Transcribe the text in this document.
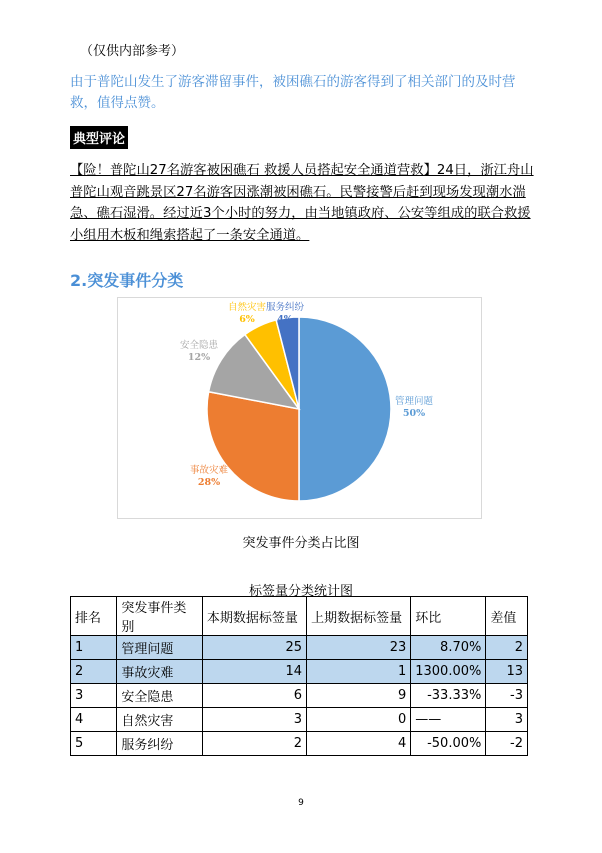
（仅供内部参考）
由于普陀山发生了游客滞留事件，被困礁石的游客得到了相关部门的及时营救，值得点赞。
典型评论
【险！普陀山27名游客被困礁石 救援人员搭起安全通道营救】24日，浙江舟山普陀山观音跳景区27名游客因涨潮被困礁石。民警接警后赶到现场发现潮水湍急、礁石湿滑。经过近3个小时的努力，由当地镇政府、公安等组成的联合救援小组用木板和绳索搭起了一条安全通道。
2.突发事件分类
管理问题
50%
事故灾难
28%
安全隐患
12%
自然灾害
6%
服务纠纷
4%
突发事件分类占比图
标签量分类统计图
排名	突发事件类别	本期数据标签量	上期数据标签量	环比	差值
1	管理问题	25	23	8.70%	2
2	事故灾难	14	1	1300.00%	13
3	安全隐患	6	9	-33.33%	-3
4	自然灾害	3	0	——	3
5	服务纠纷	2	4	-50.00%	-2
9
